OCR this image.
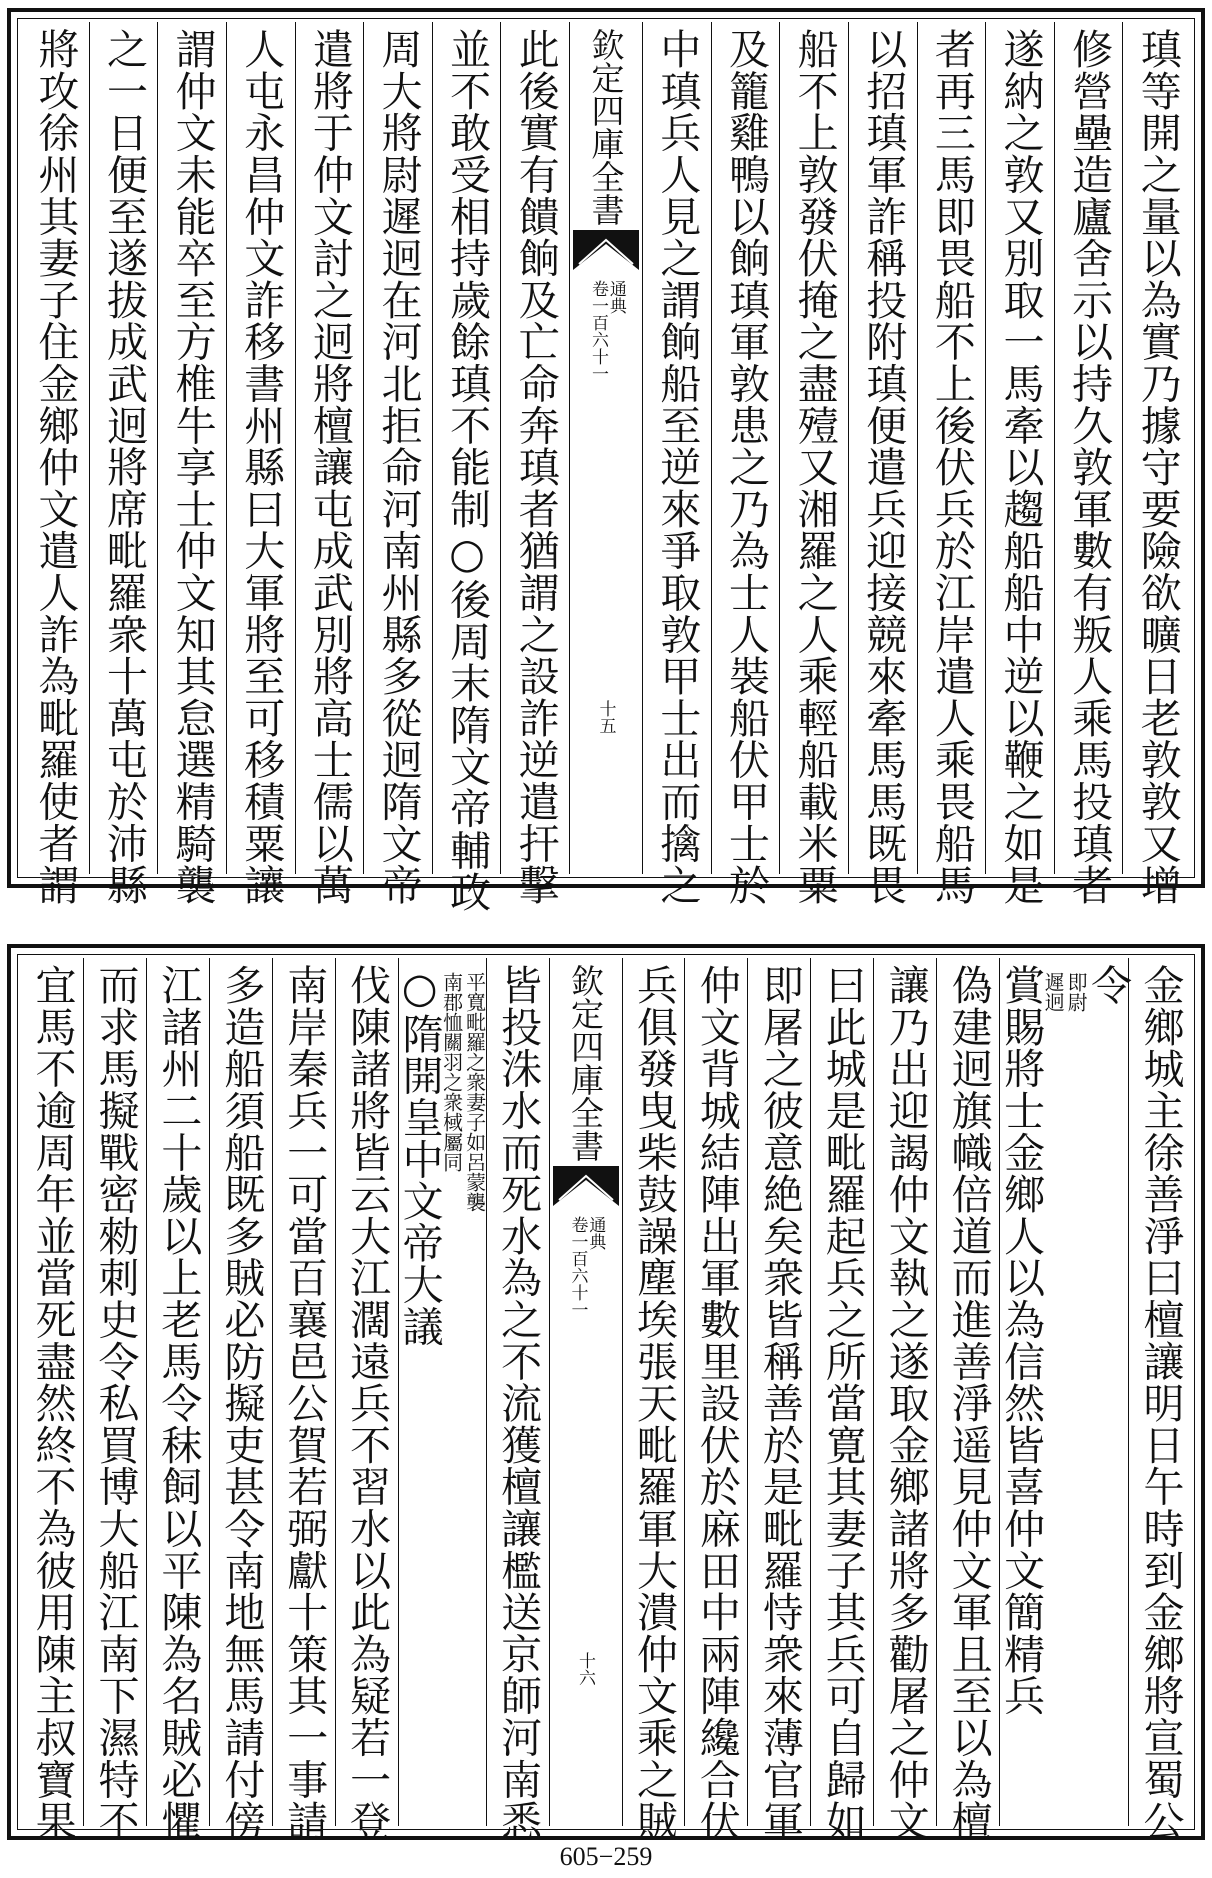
瑱等開之量以為實乃據守要險欲曠日老敦敦又增
修營壘造廬舍示以持久敦軍數有叛人乘馬投瑱者
遂納之敦又別取一馬牽以趨船船中逆以鞭之如是
者再三馬即畏船不上後伏兵於江岸遣人乘畏船馬
以招瑱軍詐稱投附瑱便遣兵迎接競來牽馬馬既畏
船不上敦發伏掩之盡殪又湘羅之人乘輕船載米粟
及籠雞鴨以餉瑱軍敦患之乃為士人裝船伏甲士於
中瑱兵人見之謂餉船至逆來爭取敦甲士出而擒之
欽定四庫全書
通典
卷一百六十一
十五
此後實有饋餉及亡命奔瑱者猶謂之設詐逆遣扞擊
並不敢受相持歲餘瑱不能制○後周末隋文帝輔政
周大將尉遲迥在河北拒命河南州縣多從迥隋文帝
遣將于仲文討之迥將檀讓屯成武別將高士儒以萬
人屯永昌仲文詐移書州縣曰大軍將至可移積粟讓
謂仲文未能卒至方椎牛享士仲文知其怠選精騎襲
之一日便至遂拔成武迥將席毗羅衆十萬屯於沛縣
將攻徐州其妻子住金鄉仲文遣人詐為毗羅使者謂
金鄉城主徐善淨曰檀讓明日午時到金鄉將宣蜀公
令
即尉
遲迥
賞賜將士金鄉人以為信然皆喜仲文簡精兵
偽建迥旗幟倍道而進善淨遥見仲文軍且至以為檀
讓乃出迎謁仲文執之遂取金鄉諸將多勸屠之仲文
曰此城是毗羅起兵之所當寛其妻子其兵可自歸如
即屠之彼意絶矣衆皆稱善於是毗羅恃衆來薄官軍
仲文背城結陣出軍數里設伏於麻田中兩陣纔合伏
兵俱發曳柴鼓譟塵埃張天毗羅軍大潰仲文乘之賊
欽定四庫全書
通典
卷一百六十一
十六
皆投洙水而死水為之不流獲檀讓檻送京師河南悉
平寬毗羅之衆妻子如呂蒙襲
南郡恤關羽之衆棫屬同
○隋開皇中文帝大議
伐陳諸將皆云大江濶遠兵不習水以此為疑若一登
南岸秦兵一可當百襄邑公賀若弼獻十策其一事請
多造船須船既多賊必防擬吏甚令南地無馬請付傍
江諸州二十歲以上老馬令秣飼以平陳為名賊必懼
而求馬擬戰密勑刺史令私買博大船江南下濕特不
宜馬不逾周年並當死盡然終不為彼用陳主叔寶果
605−259
